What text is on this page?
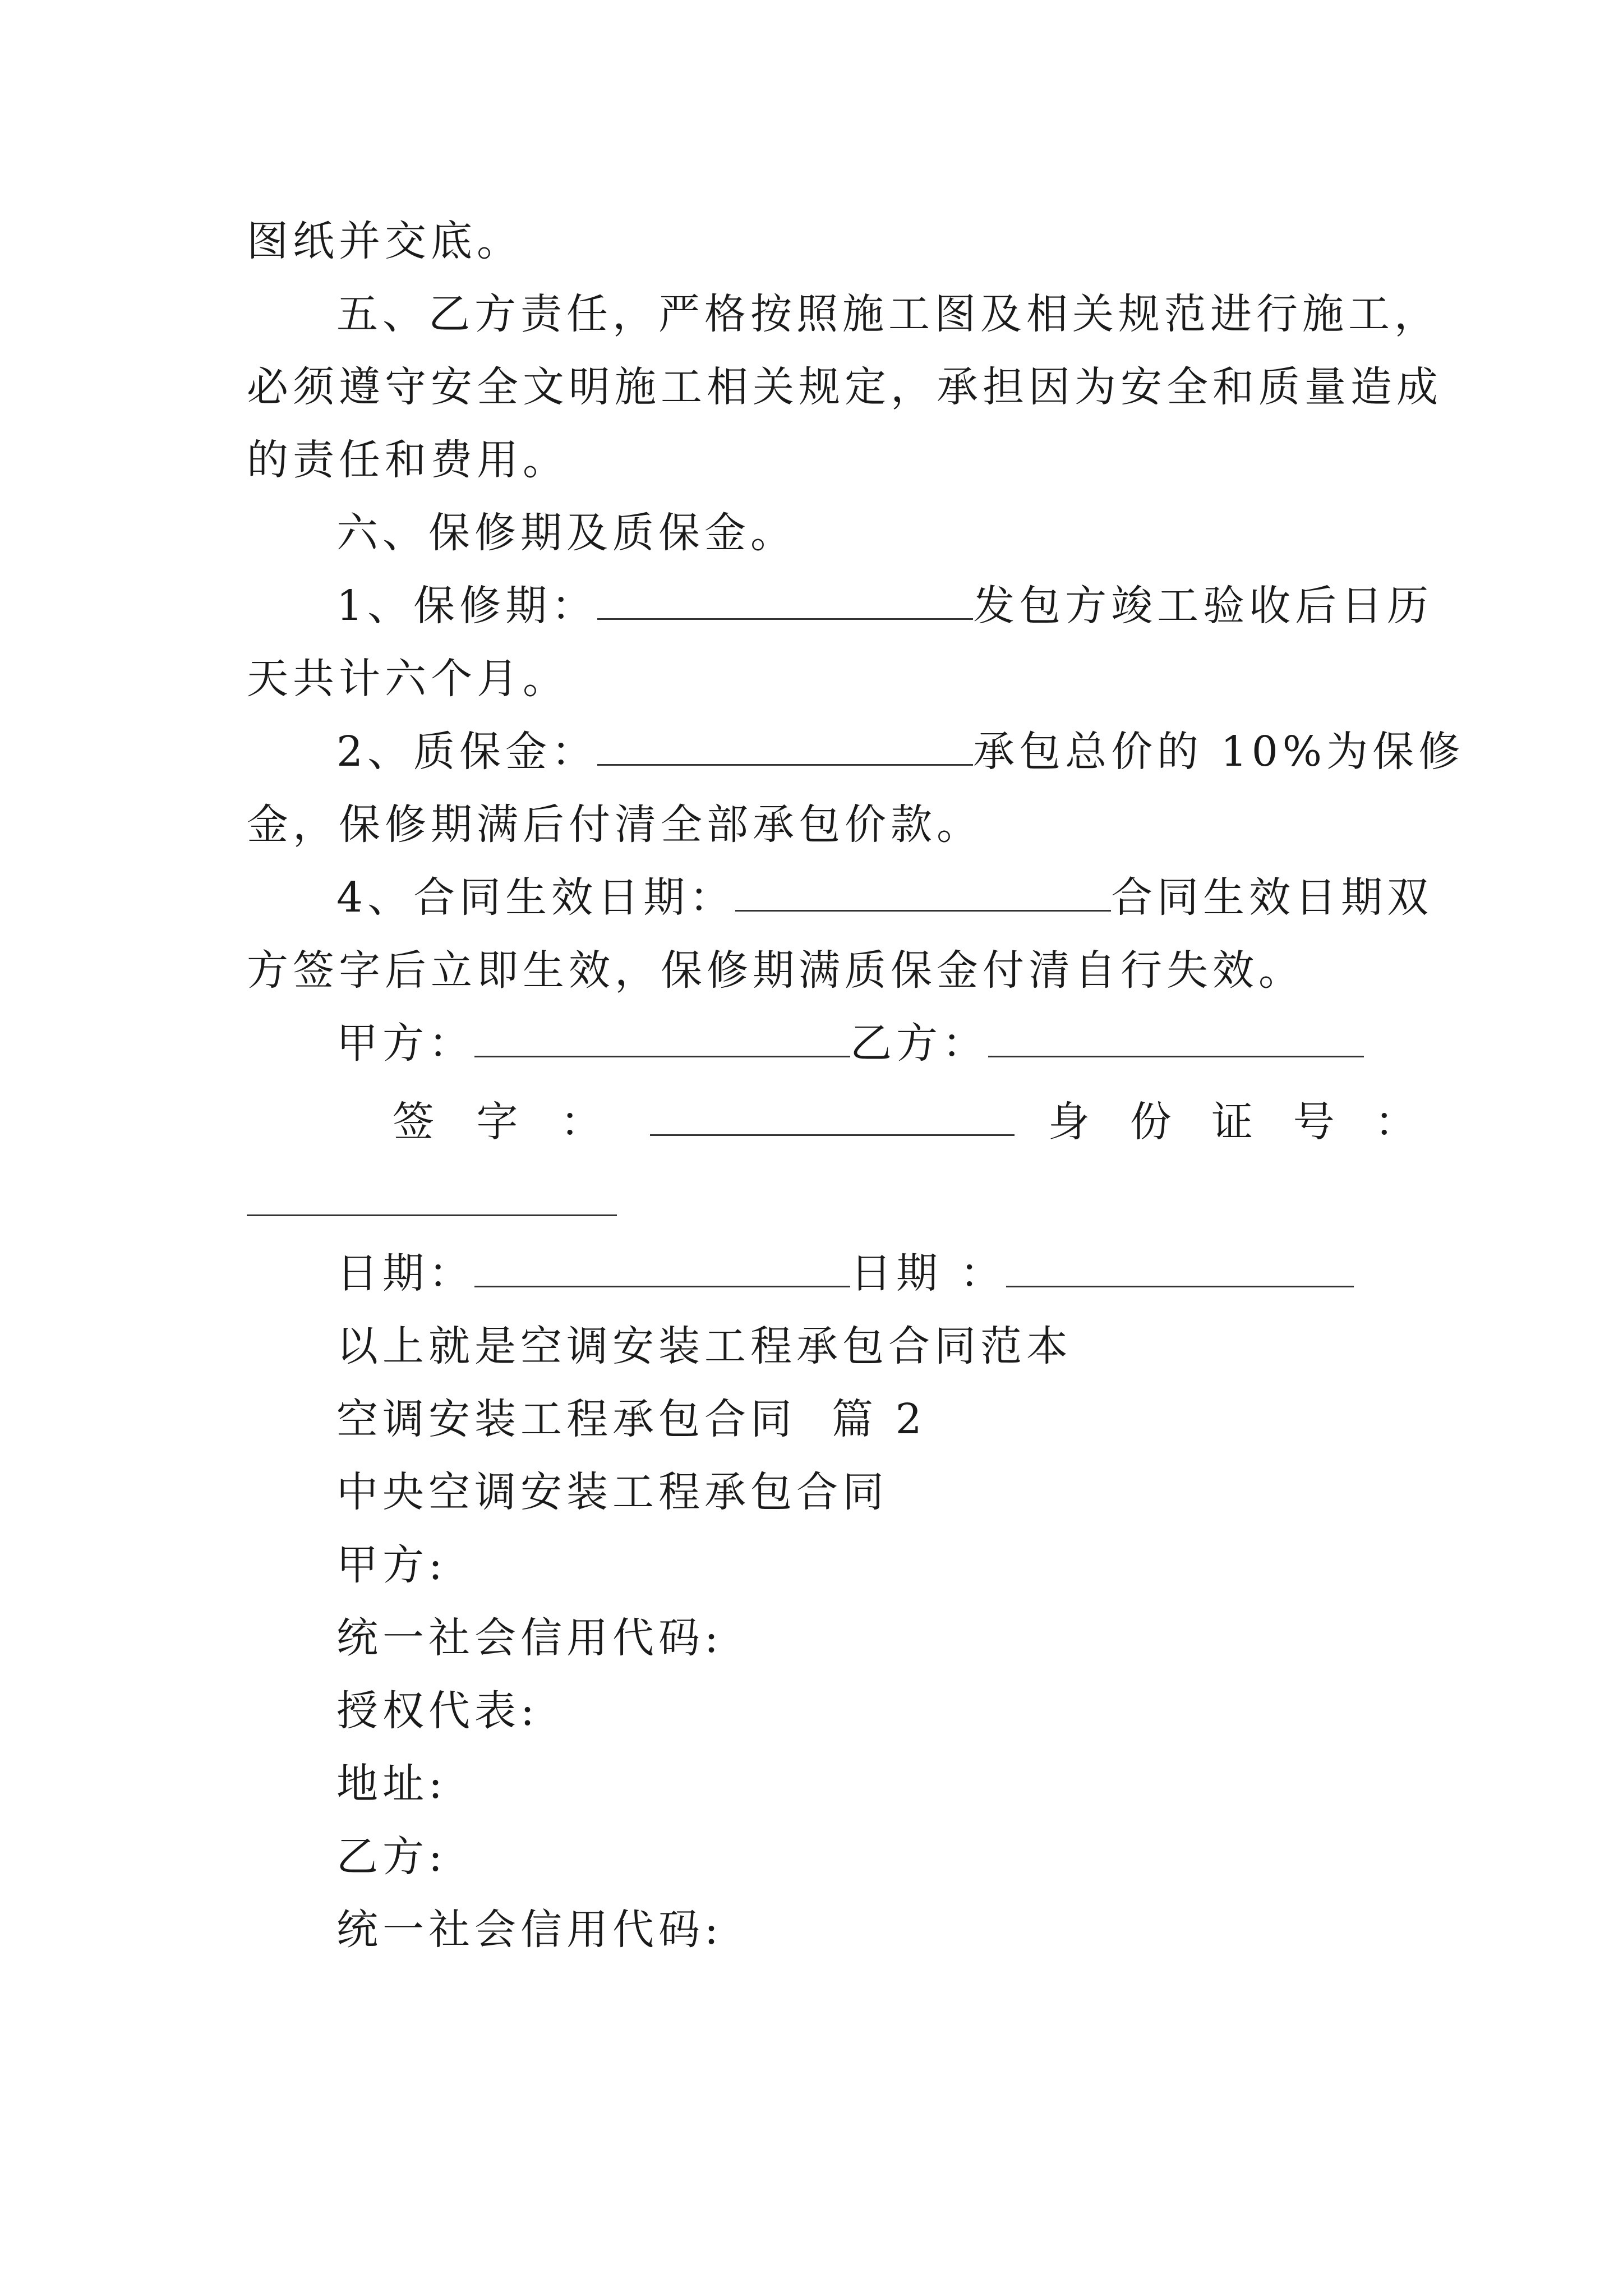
图纸并交底。
五、乙方责任，严格按照施工图及相关规范进行施工，
必须遵守安全文明施工相关规定，承担因为安全和质量造成
的责任和费用。
六、保修期及质保金。
1、保修期：	发包方竣工验收后日历
天共计六个月。
2、质保金：	承包总价的 10%为保修
金，保修期满后付清全部承包价款。
4、合同生效日期：	合同生效日期双
方签字后立即生效，保修期满质保金付清自行失效。
甲方：	乙方：
签 字 ：	身 份 证 号 ：
日期：	日期 ：
以上就是空调安装工程承包合同范本
空调安装工程承包合同  篇 2
中央空调安装工程承包合同
甲方:
统一社会信用代码:
授权代表:
地址:
乙方:
统一社会信用代码:
